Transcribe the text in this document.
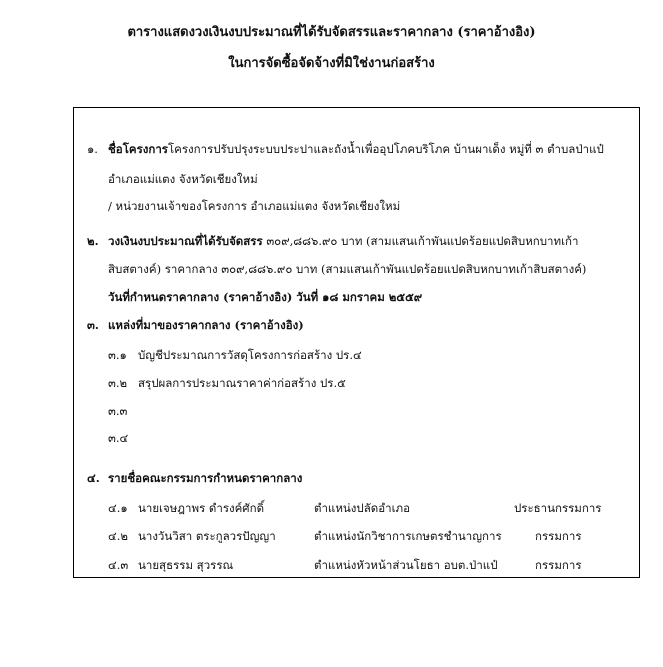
ตารางแสดงวงเงินงบประมาณที่ได้รับจัดสรรและราคากลาง (ราคาอ้างอิง)
ในการจัดซื้อจัดจ้างที่มิใช่งานก่อสร้าง
๑. ชื่อโครงการโครงการปรับปรุงระบบประปาและถังน้ำเพื่ออุปโภคบริโภค บ้านผาเด็ง หมู่ที่ ๓ ตำบลป่าแป๋
อำเภอแม่แตง จังหวัดเชียงใหม่
/ หน่วยงานเจ้าของโครงการ อำเภอแม่แตง จังหวัดเชียงใหม่
๒. วงเงินงบประมาณที่ได้รับจัดสรร ๓๐๙,๘๘๖.๙๐ บาท (สามแสนเก้าพันแปดร้อยแปดสิบหกบาทเก้า
สิบสตางค์) ราคากลาง ๓๐๙,๘๘๖.๙๐ บาท (สามแสนเก้าพันแปดร้อยแปดสิบหกบาทเก้าสิบสตางค์)
วันที่กำหนดราคากลาง (ราคาอ้างอิง) วันที่ ๑๘ มกราคม ๒๕๕๙
๓. แหล่งที่มาของราคากลาง (ราคาอ้างอิง)
๓.๑ บัญชีประมาณการวัสดุโครงการก่อสร้าง ปร.๔
๓.๒ สรุปผลการประมาณราคาค่าก่อสร้าง ปร.๕
๓.๓
๓.๔
๔. รายชื่อคณะกรรมการกำหนดราคากลาง
๔.๑ นายเจษฎาพร ดำรงค์ศักดิ์	ตำแหน่งปลัดอำเภอ	ประธานกรรมการ
๔.๒ นางวันวิสา ตระกูลวรปัญญา	ตำแหน่งนักวิชาการเกษตรชำนาญการ	กรรมการ
๔.๓ นายสุธรรม สุวรรณ	ตำแหน่งหัวหน้าส่วนโยธา อบต.ป่าแป๋	กรรมการ
